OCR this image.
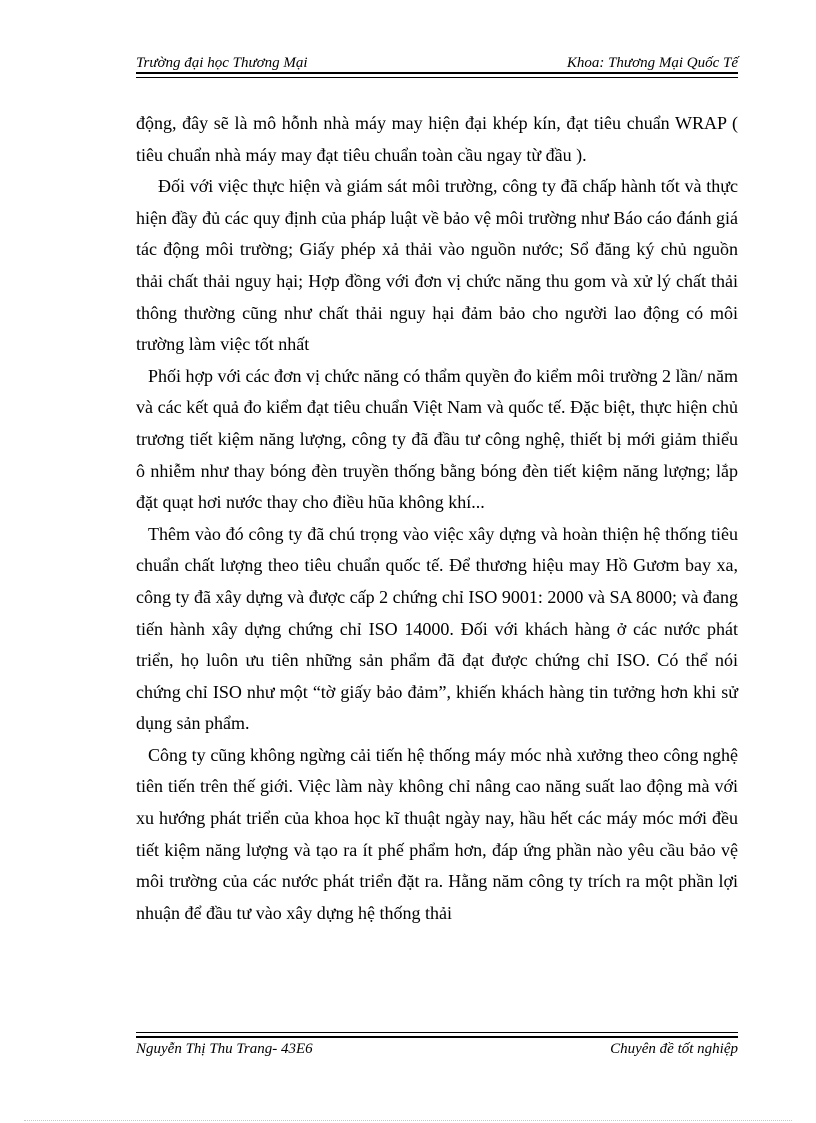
Trường đại học Thương Mại	Khoa: Thương Mại Quốc Tế

động, đây sẽ là mô hỗnh nhà máy may hiện đại khép kín, đạt tiêu chuẩn WRAP ( tiêu chuẩn nhà máy may đạt tiêu chuẩn toàn cầu ngay từ đầu ).

Đối với việc thực hiện và giám sát môi trường, công ty đã chấp hành tốt và thực hiện đầy đủ các quy định của pháp luật về bảo vệ môi trường như Báo cáo đánh giá tác động môi trường; Giấy phép xả thải vào nguồn nước; Sổ đăng ký chủ nguồn thải chất thải nguy hại; Hợp đồng với đơn vị chức năng thu gom và xử lý chất thải thông thường cũng như chất thải nguy hại đảm bảo cho người lao động có môi trường làm việc tốt nhất

Phối hợp với các đơn vị chức năng có thẩm quyền đo kiểm môi trường 2 lần/ năm và các kết quả đo kiểm đạt tiêu chuẩn Việt Nam và quốc tế. Đặc biệt, thực hiện chủ trương tiết kiệm năng lượng, công ty đã đầu tư công nghệ, thiết bị mới giảm thiểu ô nhiễm như thay bóng đèn truyền thống bằng bóng đèn tiết kiệm năng lượng; lắp đặt quạt hơi nước thay cho điều hũa không khí...

Thêm vào đó công ty đã chú trọng vào việc xây dựng và hoàn thiện hệ thống tiêu chuẩn chất lượng theo tiêu chuẩn quốc tế. Để thương hiệu may Hồ Gươm bay xa, công ty đã xây dựng và được cấp 2 chứng chỉ ISO 9001: 2000 và SA 8000; và đang tiến hành xây dựng chứng chỉ ISO 14000. Đối với khách hàng ở các nước phát triển, họ luôn ưu tiên những sản phẩm đã đạt được chứng chỉ ISO. Có thể nói chứng chỉ ISO như một “tờ giấy bảo đảm”, khiến khách hàng tin tưởng hơn khi sử dụng sản phẩm.

Công ty cũng không ngừng cải tiến hệ thống máy móc nhà xưởng theo công nghệ tiên tiến trên thế giới. Việc làm này không chỉ nâng cao năng suất lao động mà với xu hướng phát triển của khoa học kĩ thuật ngày nay, hầu hết các máy móc mới đều tiết kiệm năng lượng và tạo ra ít phế phẩm hơn, đáp ứng phần nào yêu cầu bảo vệ môi trường của các nước phát triển đặt ra. Hằng năm công ty trích ra một phần lợi nhuận để đầu tư vào xây dựng hệ thống thải

Nguyễn Thị Thu Trang- 43E6	Chuyên đề tốt nghiệp
